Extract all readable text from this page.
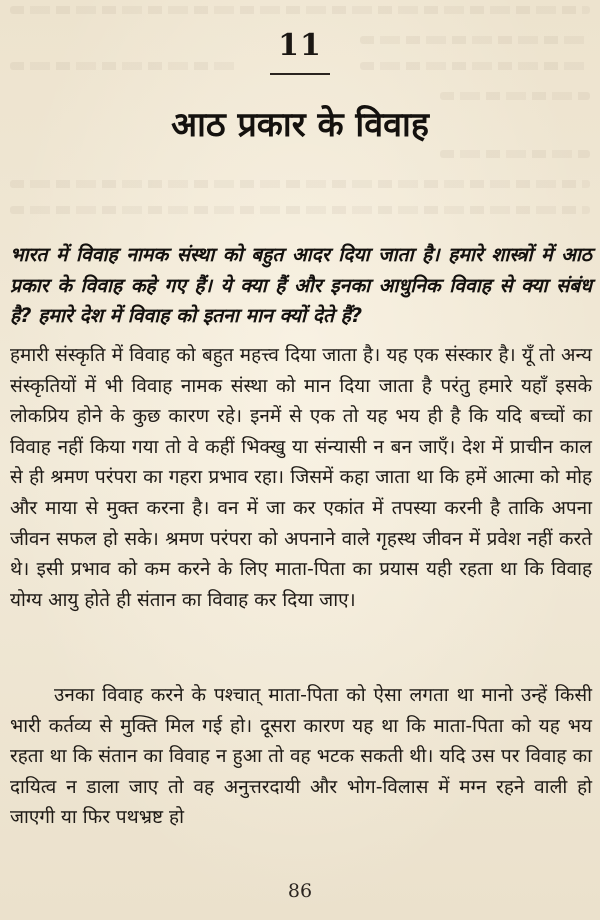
11
आठ प्रकार के विवाह
भारत में विवाह नामक संस्था को बहुत आदर दिया जाता है। हमारे शास्त्रों में आठ प्रकार के विवाह कहे गए हैं। ये क्या हैं और इनका आधुनिक विवाह से क्या संबंध है? हमारे देश में विवाह को इतना मान क्यों देते हैं?
हमारी संस्कृति में विवाह को बहुत महत्त्व दिया जाता है। यह एक संस्कार है। यूँ तो अन्य संस्कृतियों में भी विवाह नामक संस्था को मान दिया जाता है परंतु हमारे यहाँ इसके लोकप्रिय होने के कुछ कारण रहे। इनमें से एक तो यह भय ही है कि यदि बच्चों का विवाह नहीं किया गया तो वे कहीं भिक्खु या संन्यासी न बन जाएँ। देश में प्राचीन काल से ही श्रमण परंपरा का गहरा प्रभाव रहा। जिसमें कहा जाता था कि हमें आत्मा को मोह और माया से मुक्त करना है। वन में जा कर एकांत में तपस्या करनी है ताकि अपना जीवन सफल हो सके। श्रमण परंपरा को अपनाने वाले गृहस्थ जीवन में प्रवेश नहीं करते थे। इसी प्रभाव को कम करने के लिए माता-पिता का प्रयास यही रहता था कि विवाह योग्य आयु होते ही संतान का विवाह कर दिया जाए।
उनका विवाह करने के पश्चात् माता-पिता को ऐसा लगता था मानो उन्हें किसी भारी कर्तव्य से मुक्ति मिल गई हो। दूसरा कारण यह था कि माता-पिता को यह भय रहता था कि संतान का विवाह न हुआ तो वह भटक सकती थी। यदि उस पर विवाह का दायित्व न डाला जाए तो वह अनुत्तरदायी और भोग-विलास में मग्न रहने वाली हो जाएगी या फिर पथभ्रष्ट हो
86
